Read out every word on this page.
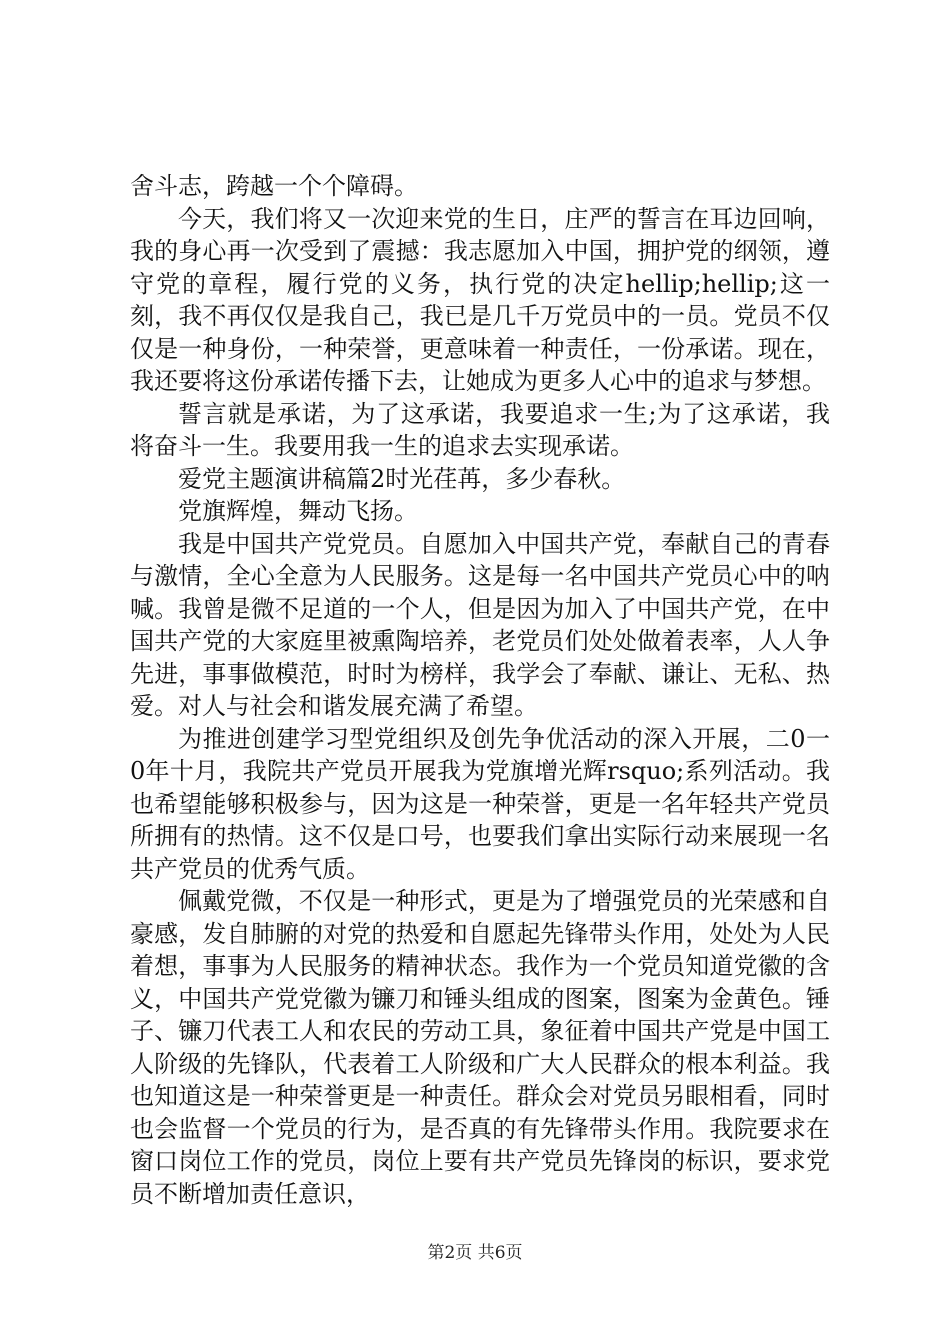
舍斗志，跨越一个个障碍。

今天，我们将又一次迎来党的生日，庄严的誓言在耳边回响，我的身心再一次受到了震撼：我志愿加入中国，拥护党的纲领，遵守党的章程，履行党的义务，执行党的决定hellip;hellip;这一刻，我不再仅仅是我自己，我已是几千万党员中的一员。党员不仅仅是一种身份，一种荣誉，更意味着一种责任，一份承诺。现在，我还要将这份承诺传播下去，让她成为更多人心中的追求与梦想。

誓言就是承诺，为了这承诺，我要追求一生;为了这承诺，我将奋斗一生。我要用我一生的追求去实现承诺。

爱党主题演讲稿篇2时光荏苒，多少春秋。

党旗辉煌，舞动飞扬。

我是中国共产党党员。自愿加入中国共产党，奉献自己的青春与激情，全心全意为人民服务。这是每一名中国共产党员心中的呐喊。我曾是微不足道的一个人，但是因为加入了中国共产党，在中国共产党的大家庭里被熏陶培养，老党员们处处做着表率，人人争先进，事事做模范，时时为榜样，我学会了奉献、谦让、无私、热爱。对人与社会和谐发展充满了希望。

为推进创建学习型党组织及创先争优活动的深入开展，二0一0年十月，我院共产党员开展我为党旗增光辉rsquo;系列活动。我也希望能够积极参与，因为这是一种荣誉，更是一名年轻共产党员所拥有的热情。这不仅是口号，也要我们拿出实际行动来展现一名共产党员的优秀气质。

佩戴党微，不仅是一种形式，更是为了增强党员的光荣感和自豪感，发自肺腑的对党的热爱和自愿起先锋带头作用，处处为人民着想，事事为人民服务的精神状态。我作为一个党员知道党徽的含义，中国共产党党徽为镰刀和锤头组成的图案，图案为金黄色。锤子、镰刀代表工人和农民的劳动工具，象征着中国共产党是中国工人阶级的先锋队，代表着工人阶级和广大人民群众的根本利益。我也知道这是一种荣誉更是一种责任。群众会对党员另眼相看，同时也会监督一个党员的行为，是否真的有先锋带头作用。我院要求在窗口岗位工作的党员，岗位上要有共产党员先锋岗的标识，要求党员不断增加责任意识，

第2页 共6页
